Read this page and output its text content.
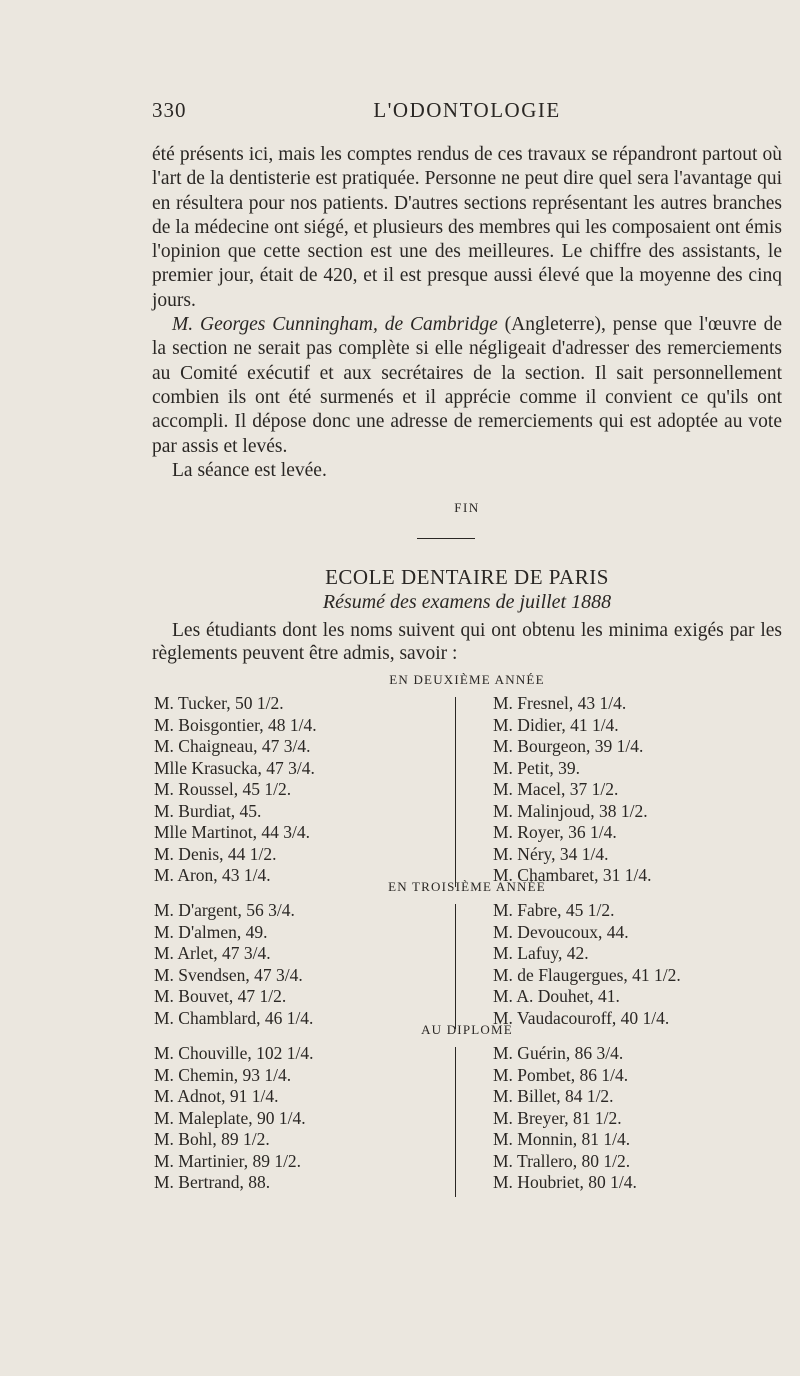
330	L'ODONTOLOGIE

été présents ici, mais les comptes rendus de ces travaux se répandront partout où l'art de la dentisterie est pratiquée. Personne ne peut dire quel sera l'avantage qui en résultera pour nos patients. D'autres sections représentant les autres branches de la médecine ont siégé, et plusieurs des membres qui les composaient ont émis l'opinion que cette section est une des meilleures. Le chiffre des assistants, le premier jour, était de 420, et il est presque aussi élevé que la moyenne des cinq jours.

M. Georges Cunningham, de Cambridge (Angleterre), pense que l'œuvre de la section ne serait pas complète si elle négligeait d'adresser des remerciements au Comité exécutif et aux secrétaires de la section. Il sait personnellement combien ils ont été surmenés et il apprécie comme il convient ce qu'ils ont accompli. Il dépose donc une adresse de remerciements qui est adoptée au vote par assis et levés.

La séance est levée.

FIN
ECOLE DENTAIRE DE PARIS
Résumé des examens de juillet 1888

Les étudiants dont les noms suivent qui ont obtenu les minima exigés par les règlements peuvent être admis, savoir :

EN DEUXIÈME ANNÉE
M. Tucker, 50 1/2.
M. Boisgontier, 48 1/4.
M. Chaigneau, 47 3/4.
Mlle Krasucka, 47 3/4.
M. Roussel, 45 1/2.
M. Burdiat, 45.
Mlle Martinot, 44 3/4.
M. Denis, 44 1/2.
M. Aron, 43 1/4.
M. Fresnel, 43 1/4.
M. Didier, 41 1/4.
M. Bourgeon, 39 1/4.
M. Petit, 39.
M. Macel, 37 1/2.
M. Malinjoud, 38 1/2.
M. Royer, 36 1/4.
M. Néry, 34 1/4.
M. Chambaret, 31 1/4.
EN TROISIÈME ANNÉE
M. D'argent, 56 3/4.
M. D'almen, 49.
M. Arlet, 47 3/4.
M. Svendsen, 47 3/4.
M. Bouvet, 47 1/2.
M. Chamblard, 46 1/4.
M. Fabre, 45 1/2.
M. Devoucoux, 44.
M. Lafuy, 42.
M. de Flaugergues, 41 1/2.
M. A. Douhet, 41.
M. Vaudacouroff, 40 1/4.
AU DIPLOME
M. Chouville, 102 1/4.
M. Chemin, 93 1/4.
M. Adnot, 91 1/4.
M. Maleplate, 90 1/4.
M. Bohl, 89 1/2.
M. Martinier, 89 1/2.
M. Bertrand, 88.
M. Guérin, 86 3/4.
M. Pombet, 86 1/4.
M. Billet, 84 1/2.
M. Breyer, 81 1/2.
M. Monnin, 81 1/4.
M. Trallero, 80 1/2.
M. Houbriet, 80 1/4.
